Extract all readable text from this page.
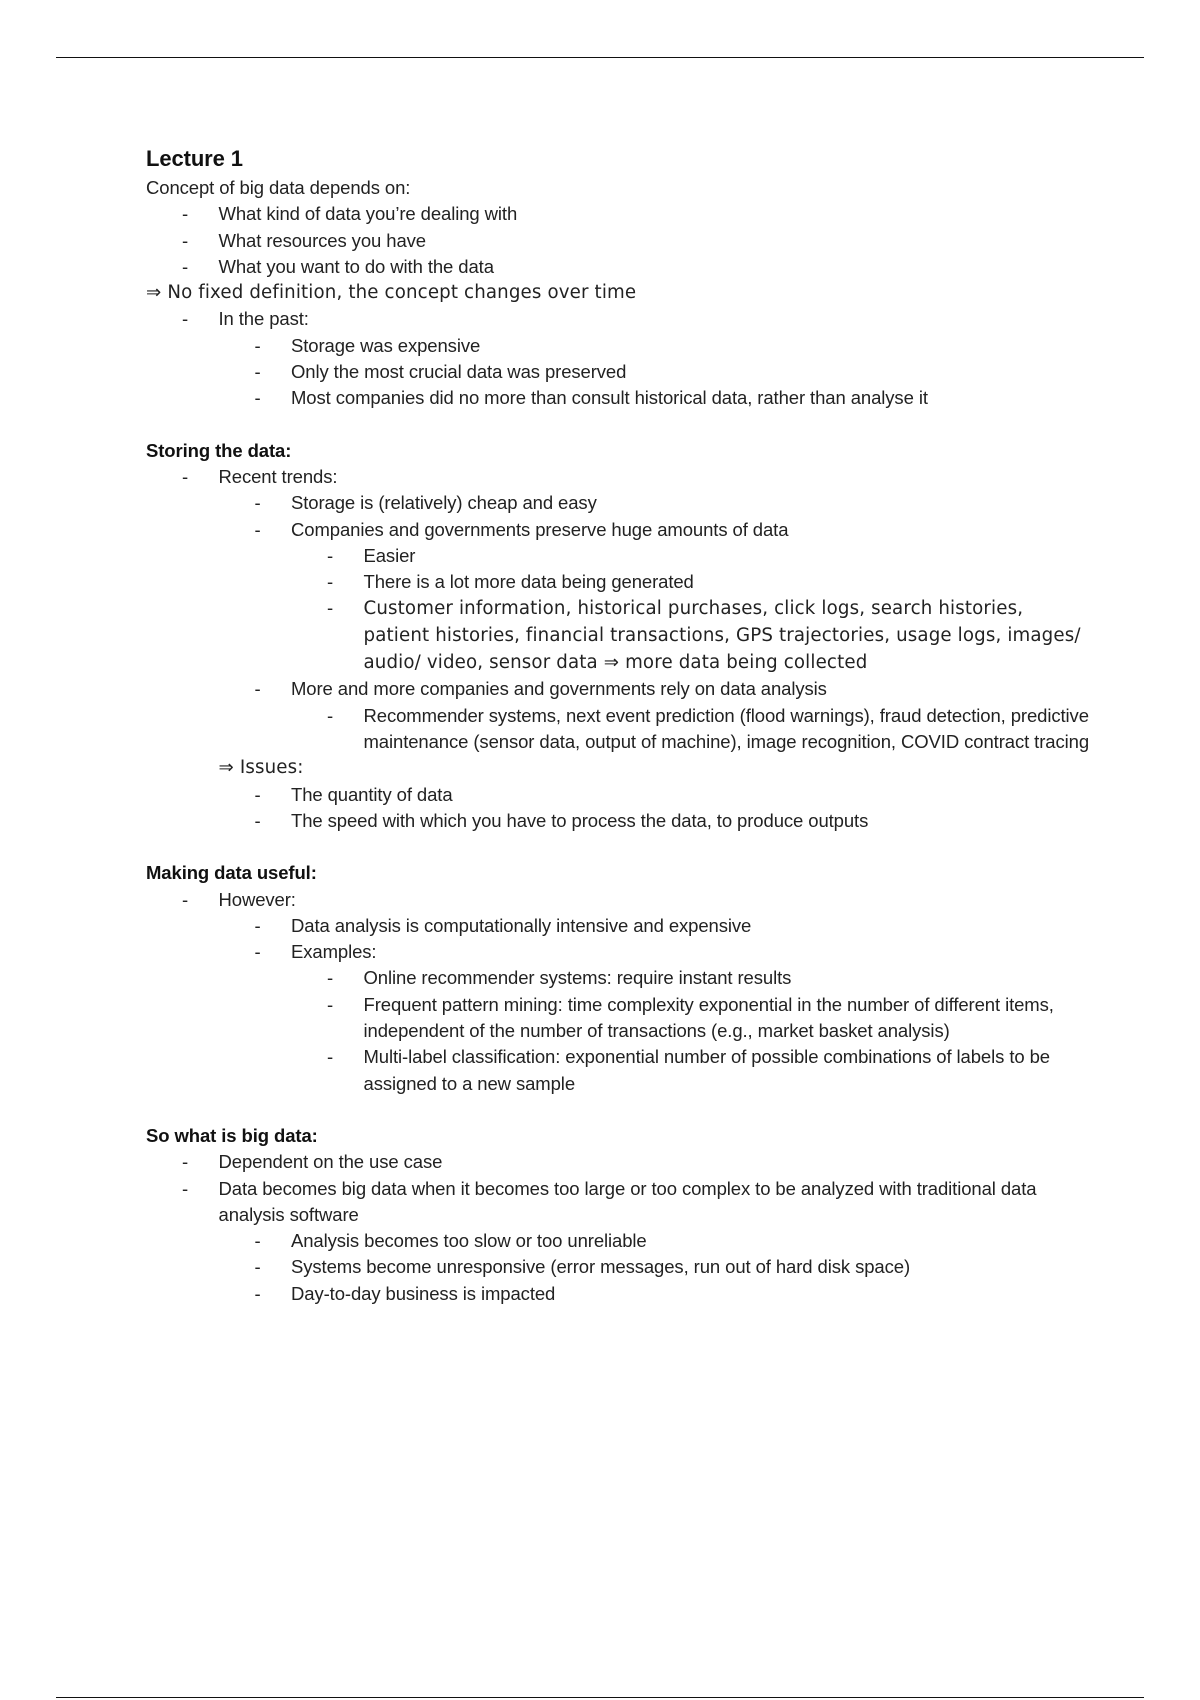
Lecture 1
Concept of big data depends on:
-	What kind of data you’re dealing with
-	What resources you have
-	What you want to do with the data
⇒ No fixed definition, the concept changes over time
-	In the past:
-	Storage was expensive
-	Only the most crucial data was preserved
-	Most companies did no more than consult historical data, rather than analyse it
Storing the data:
-	Recent trends:
-	Storage is (relatively) cheap and easy
-	Companies and governments preserve huge amounts of data
-	Easier
-	There is a lot more data being generated
-	Customer information, historical purchases, click logs, search histories, patient histories, financial transactions, GPS trajectories, usage logs, images/ audio/ video, sensor data ⇒ more data being collected
-	More and more companies and governments rely on data analysis
-	Recommender systems, next event prediction (flood warnings), fraud detection, predictive maintenance (sensor data, output of machine), image recognition, COVID contract tracing
⇒ Issues:
-	The quantity of data
-	The speed with which you have to process the data, to produce outputs
Making data useful:
-	However:
-	Data analysis is computationally intensive and expensive
-	Examples:
-	Online recommender systems: require instant results
-	Frequent pattern mining: time complexity exponential in the number of different items, independent of the number of transactions (e.g., market basket analysis)
-	Multi-label classification: exponential number of possible combinations of labels to be assigned to a new sample
So what is big data:
-	Dependent on the use case
-	Data becomes big data when it becomes too large or too complex to be analyzed with traditional data analysis software
-	Analysis becomes too slow or too unreliable
-	Systems become unresponsive (error messages, run out of hard disk space)
-	Day-to-day business is impacted
